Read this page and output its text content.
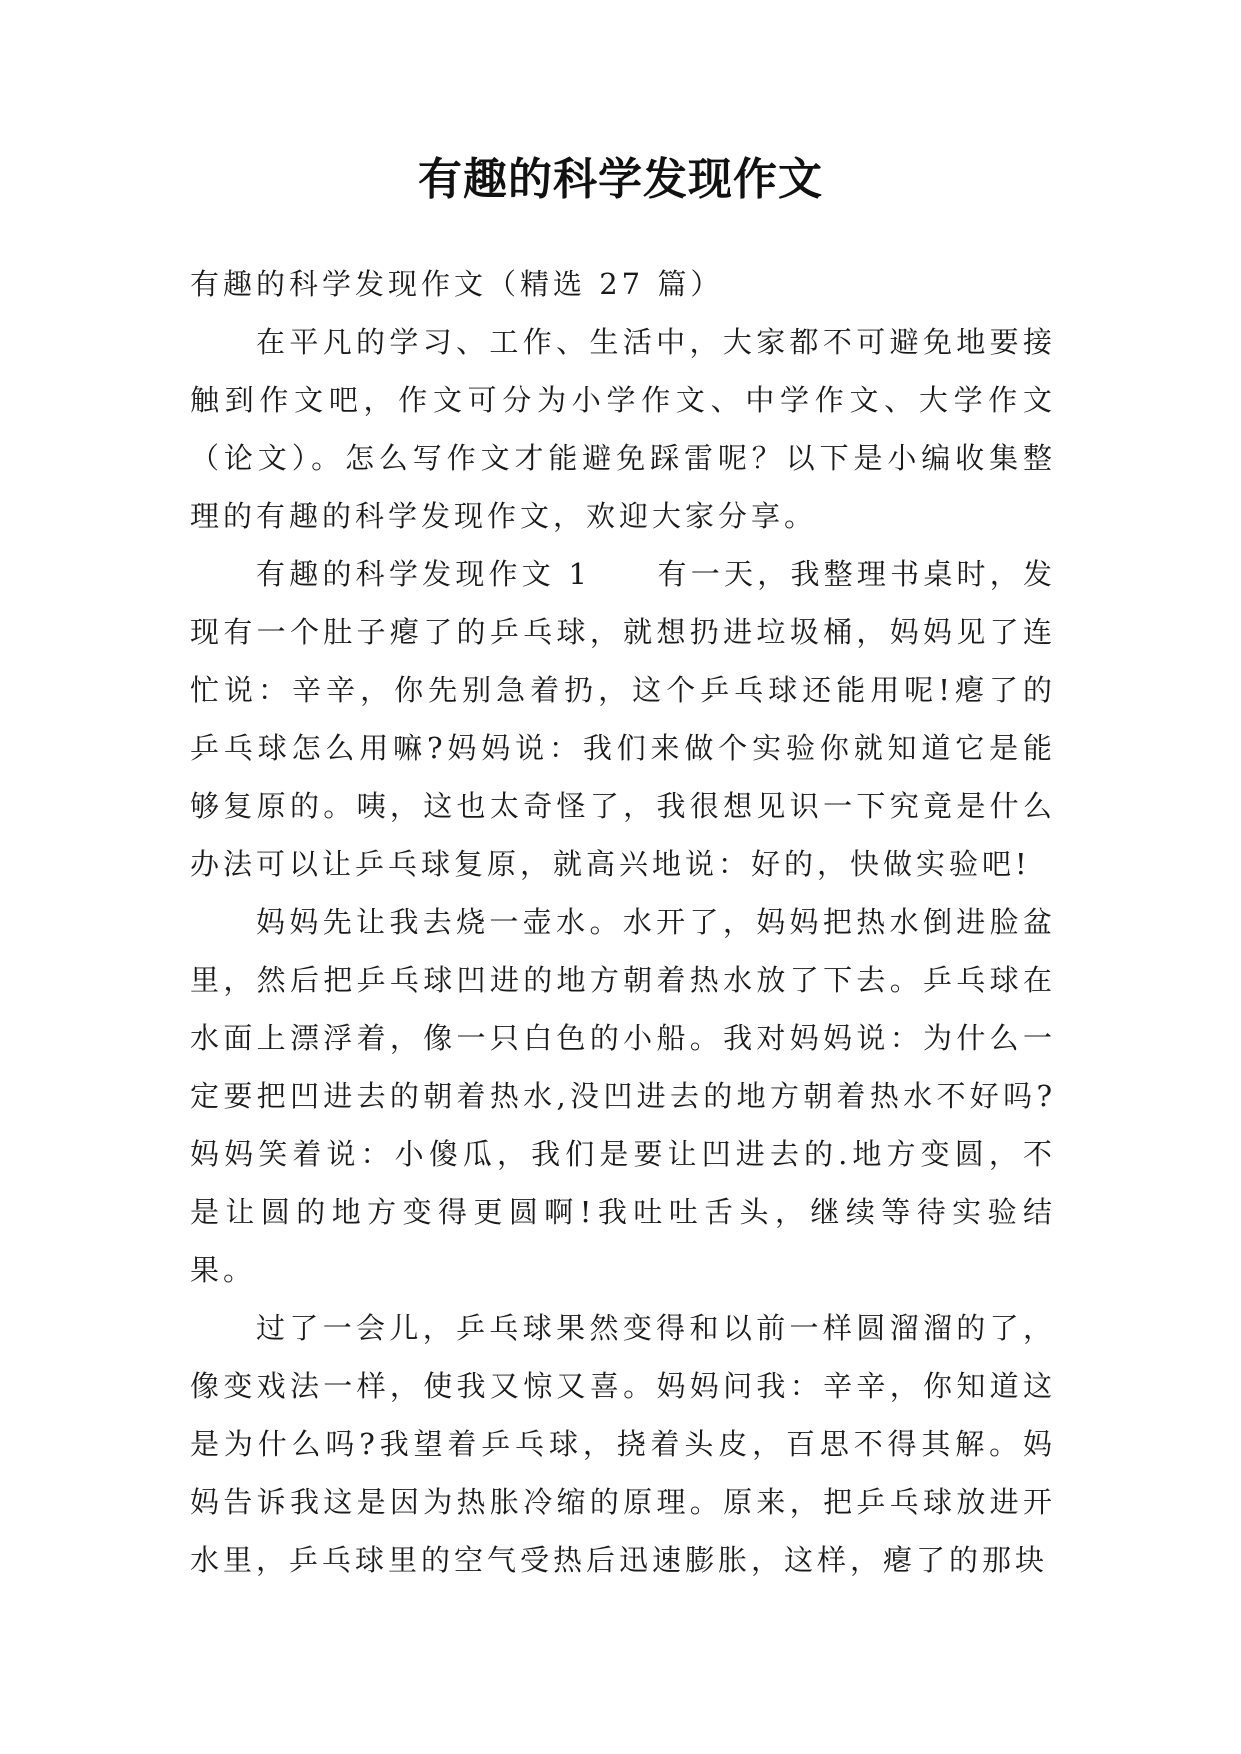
有趣的科学发现作文

有趣的科学发现作文（精选 27 篇）

在平凡的学习、工作、生活中，大家都不可避免地要接触到作文吧，作文可分为小学作文、中学作文、大学作文（论文）。怎么写作文才能避免踩雷呢？以下是小编收集整理的有趣的科学发现作文，欢迎大家分享。

有趣的科学发现作文 1　　有一天，我整理书桌时，发现有一个肚子瘪了的乒乓球，就想扔进垃圾桶，妈妈见了连忙说：辛辛，你先别急着扔，这个乒乓球还能用呢!瘪了的乒乓球怎么用嘛?妈妈说：我们来做个实验你就知道它是能够复原的。咦，这也太奇怪了，我很想见识一下究竟是什么办法可以让乒乓球复原，就高兴地说：好的，快做实验吧!

妈妈先让我去烧一壶水。水开了，妈妈把热水倒进脸盆里，然后把乒乓球凹进的地方朝着热水放了下去。乒乓球在水面上漂浮着，像一只白色的小船。我对妈妈说：为什么一定要把凹进去的朝着热水,没凹进去的地方朝着热水不好吗?妈妈笑着说：小傻瓜，我们是要让凹进去的.地方变圆，不是让圆的地方变得更圆啊!我吐吐舌头，继续等待实验结果。

过了一会儿，乒乓球果然变得和以前一样圆溜溜的了，像变戏法一样，使我又惊又喜。妈妈问我：辛辛，你知道这是为什么吗?我望着乒乓球，挠着头皮，百思不得其解。妈妈告诉我这是因为热胀冷缩的原理。原来，把乒乓球放进开水里，乒乓球里的空气受热后迅速膨胀，这样，瘪了的那块
